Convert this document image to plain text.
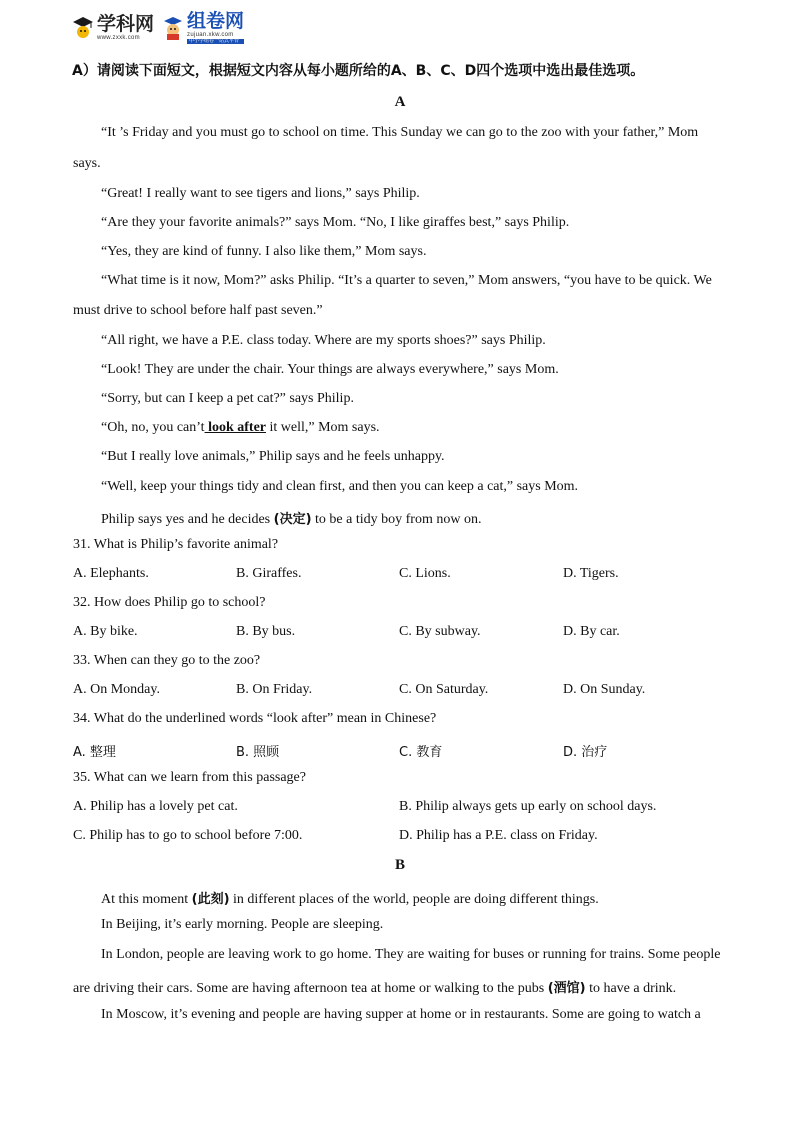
学科网
www.zxxk.com
组卷网
zujuan.xkw.com
中小学组卷一站式平台
A）请阅读下面短文，根据短文内容从每小题所给的A、B、C、D四个选项中选出最佳选项。
A
“It ’s Friday and you must go to school on time. This Sunday we can go to the zoo with your father,” Mom
says.
“Great! I really want to see tigers and lions,” says Philip.
“Are they your favorite animals?” says Mom. “No, I like giraffes best,” says Philip.
“Yes, they are kind of funny. I also like them,” Mom says.
“What time is it now, Mom?” asks Philip. “It’s a quarter to seven,” Mom answers, “you have to be quick. We
must drive to school before half past seven.”
“All right, we have a P.E. class today. Where are my sports shoes?” says Philip.
“Look! They are under the chair. Your things are always everywhere,” says Mom.
“Sorry, but can I keep a pet cat?” says Philip.
“Oh, no, you can’t look after it well,” Mom says.
“But I really love animals,” Philip says and he feels unhappy.
“Well, keep your things tidy and clean first, and then you can keep a cat,” says Mom.
Philip says yes and he decides (决定) to be a tidy boy from now on.
31. What is Philip’s favorite animal?
A. Elephants.	B. Giraffes.	C. Lions.	D. Tigers.
32. How does Philip go to school?
A. By bike.	B. By bus.	C. By subway.	D. By car.
33. When can they go to the zoo?
A. On Monday.	B. On Friday.	C. On Saturday.	D. On Sunday.
34. What do the underlined words “look after” mean in Chinese?
A. 整理	B. 照顾	C. 教育	D. 治疗
35. What can we learn from this passage?
A. Philip has a lovely pet cat.	B. Philip always gets up early on school days.
C. Philip has to go to school before 7:00.	D. Philip has a P.E. class on Friday.
B
At this moment (此刻) in different places of the world, people are doing different things.
In Beijing, it’s early morning. People are sleeping.
In London, people are leaving work to go home. They are waiting for buses or running for trains. Some people
are driving their cars. Some are having afternoon tea at home or walking to the pubs (酒馆) to have a drink.
In Moscow, it’s evening and people are having supper at home or in restaurants. Some are going to watch a
